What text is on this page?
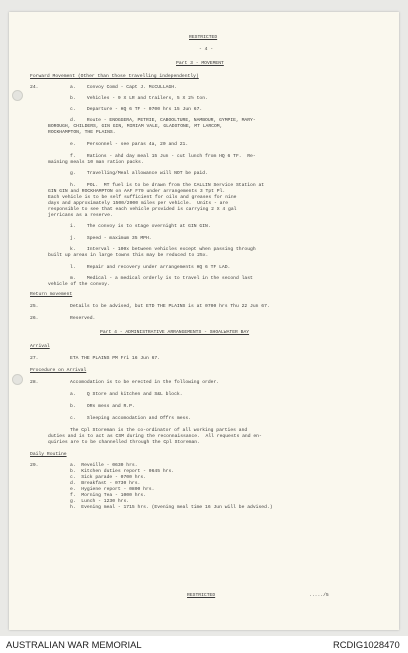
RESTRICTED
- 4 -
Part 3 - MOVEMENT
Forward Movement (Other than those travelling independently)
24.	a.    Convoy Comd - Capt J. McCULLAGH.
b.    Vehicles - 9 X LR and trailers, 5 X 2½ ton.
c.    Departure - HQ 6 TF - 0700 hrs 15 Jun 67.
d.    Route - ENOGGERA, PETRIE, CABOOLTURE, NAMBOUR, GYMPIE, MARY-
BOROUGH, CHILDERS, GIN GIN, MIRIAM VALE, GLADSTONE, MT LARCOM,
ROCKHAMPTON, THE PLAINS.
e.    Personnel - see paras 4a, 20 and 21.
f.    Rations - ahd day meal 15 Jun - cut lunch from HQ 6 TF.  Re-
maining meals 10 man ration packs.
g.    Travelling/Meal allowance will NOT be paid.
h.    POL.  MT fuel is to be drawn from the CALLIN Service Station at
GIN GIN and ROCKHAMPTON on AAF F79 under arrangements 3 Tpt Pl.
Each vehicle is to be self sufficient for oils and greases for nine
days and approximately 1500/2000 miles per vehicle.  Units - are
responsible to see that each vehicle provided is carrying 2 X 4 gal
jerricans as a reserve.
i.    The convoy is to stage overnight at GIN GIN.
j.    Speed - maximum 35 MPH.
k.    Interval - 100x between vehicles except when passing through
built up areas in large towns this may be reduced to 25x.
l.    Repair and recovery under arrangements HQ 6 TF LAD.
m.    Medical - a medical orderly is to travel in the second last
vehicle of the convoy.
Return movement
25.	Details to be advised, but ETD THE PLAINS is at 0700 hrs Thu 22 Jun 67.
26.	Reserved.
Part 4 - ADMINISTRATIVE ARRANGEMENTS - SHOALWATER BAY
Arrival
27.	ETA THE PLAINS PM Fri 16 Jun 67.
Procedure on Arrival
28.	Accomodation is to be erected in the following order.
a.    Q Store and kitchen and S&L block.
b.    ORs mess and R.P.
c.    Sleeping accomodation and Offrs mess.
The Cpl Storeman is the co-ordinator of all working parties and
duties and is to act as CSM during the reconnaissance.  All requests and en-
quiries are to be channelled through the Cpl Storeman.
Daily Routine
29.	a.  Reveille - 0630 hrs.
b.  Kitchen duties report - 0645 hrs.
c.  Sick parade - 0700 hrs.
d.  Breakfast - 0730 hrs.
e.  Hygiene report - 0800 hrs.
f.  Morning Tea - 1000 hrs.
g.  Lunch - 1230 hrs.
h.  Evening meal - 1715 hrs. (Evening meal time 16 Jun will be advised.)
RESTRICTED	...../5
AUSTRALIAN WAR MEMORIAL	RCDIG1028470
